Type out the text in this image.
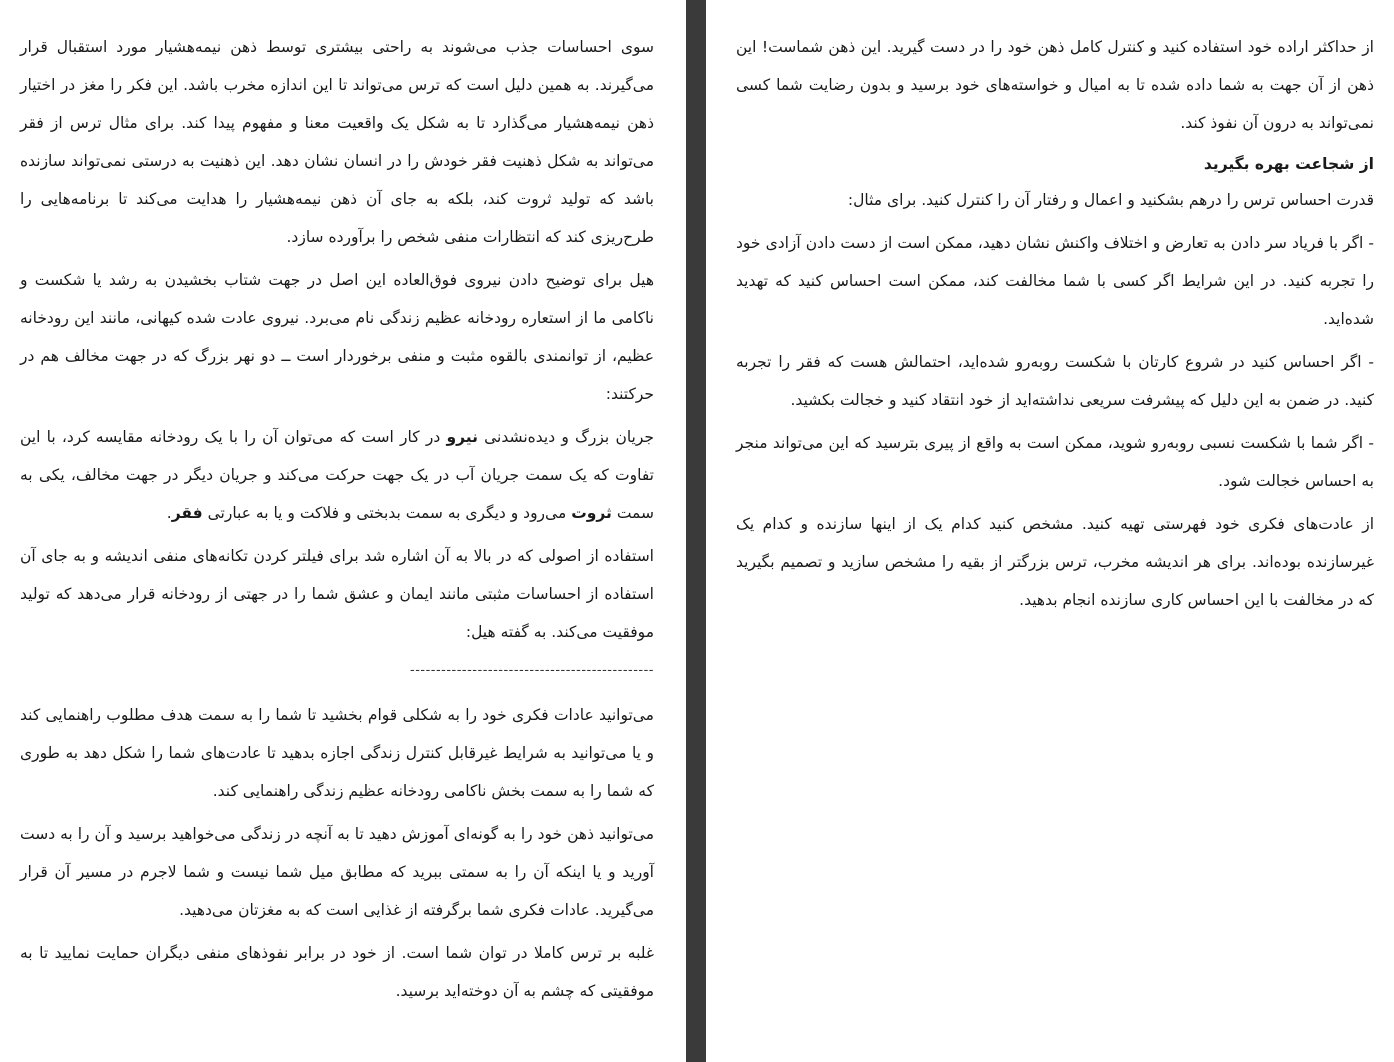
سوی احساسات جذب می‌شوند به راحتی بیشتری توسط ذهن نیمه‌هشیار مورد استقبال قرار می‌گیرند. به همین دلیل است که ترس می‌تواند تا این اندازه مخرب باشد. این فکر را مغز در اختیار ذهن نیمه‌هشیار می‌گذارد تا به شکل یک واقعیت معنا و مفهوم پیدا کند. برای مثال ترس از فقر می‌تواند به شکل ذهنیت فقر خودش را در انسان نشان دهد. این ذهنیت به درستی نمی‌تواند سازنده باشد که تولید ثروت کند، بلکه به جای آن ذهن نیمه‌هشیار را هدایت می‌کند تا برنامه‌هایی را طرح‌ریزی کند که انتظارات منفی شخص را برآورده سازد.

هیل برای توضیح دادن نیروی فوق‌العاده این اصل در جهت شتاب بخشیدن به رشد یا شکست و ناکامی ما از استعاره رودخانه عظیم زندگی نام می‌برد. نیروی عادت شده کیهانی، مانند این رودخانه عظیم، از توانمندی بالقوه مثبت و منفی برخوردار است ــ دو نهر بزرگ که در جهت مخالف هم در حرکتند:

جریان بزرگ و دیده‌نشدنی نیرو در کار است که می‌توان آن را با یک رودخانه مقایسه کرد، با این تفاوت که یک سمت جریان آب در یک جهت حرکت می‌کند و جریان دیگر در جهت مخالف، یکی به سمت ثروت می‌رود و دیگری به سمت بدبختی و فلاکت و یا به عبارتی فقر.

استفاده از اصولی که در بالا به آن اشاره شد برای فیلتر کردن تکانه‌های منفی اندیشه و به جای آن استفاده از احساسات مثبتی مانند ایمان و عشق شما را در جهتی از رودخانه قرار می‌دهد که تولید موفقیت می‌کند. به گفته هیل:

-----------------------------------------------

می‌توانید عادات فکری خود را به شکلی قوام بخشید تا شما را به سمت هدف مطلوب راهنمایی کند و یا می‌توانید به شرایط غیرقابل کنترل زندگی اجازه بدهید تا عادت‌های شما را شکل دهد به طوری که شما را به سمت بخش ناکامی رودخانه عظیم زندگی راهنمایی کند.

می‌توانید ذهن خود را به گونه‌ای آموزش دهید تا به آنچه در زندگی می‌خواهید برسید و آن را به دست آورید و یا اینکه آن را به سمتی ببرید که مطابق میل شما نیست و شما لاجرم در مسیر آن قرار می‌گیرید. عادات فکری شما برگرفته از غذایی است که به مغزتان می‌دهید.

غلبه بر ترس کاملا در توان شما است. از خود در برابر نفوذهای منفی دیگران حمایت نمایید تا به موفقیتی که چشم به آن دوخته‌اید برسید.

از حداکثر اراده خود استفاده کنید و کنترل کامل ذهن خود را در دست گیرید. این ذهن شماست! این ذهن از آن جهت به شما داده شده تا به امیال و خواسته‌های خود برسید و بدون رضایت شما کسی نمی‌تواند به درون آن نفوذ کند.

از شجاعت بهره بگیرید

قدرت احساس ترس را درهم بشکنید و اعمال و رفتار آن را کنترل کنید. برای مثال:

- اگر با فریاد سر دادن به تعارض و اختلاف واکنش نشان دهید، ممکن است از دست دادن آزادی خود را تجربه کنید. در این شرایط اگر کسی با شما مخالفت کند، ممکن است احساس کنید که تهدید شده‌اید.

- اگر احساس کنید در شروع کارتان با شکست روبه‌رو شده‌اید، احتمالش هست که فقر را تجربه کنید. در ضمن به این دلیل که پیشرفت سریعی نداشته‌اید از خود انتقاد کنید و خجالت بکشید.

- اگر شما با شکست نسبی روبه‌رو شوید، ممکن است به واقع از پیری بترسید که این می‌تواند منجر به احساس خجالت شود.

از عادت‌های فکری خود فهرستی تهیه کنید. مشخص کنید کدام یک از اینها سازنده و کدام یک غیرسازنده بوده‌اند. برای هر اندیشه مخرب، ترس بزرگتر از بقیه را مشخص سازید و تصمیم بگیرید که در مخالفت با این احساس کاری سازنده انجام بدهید.
